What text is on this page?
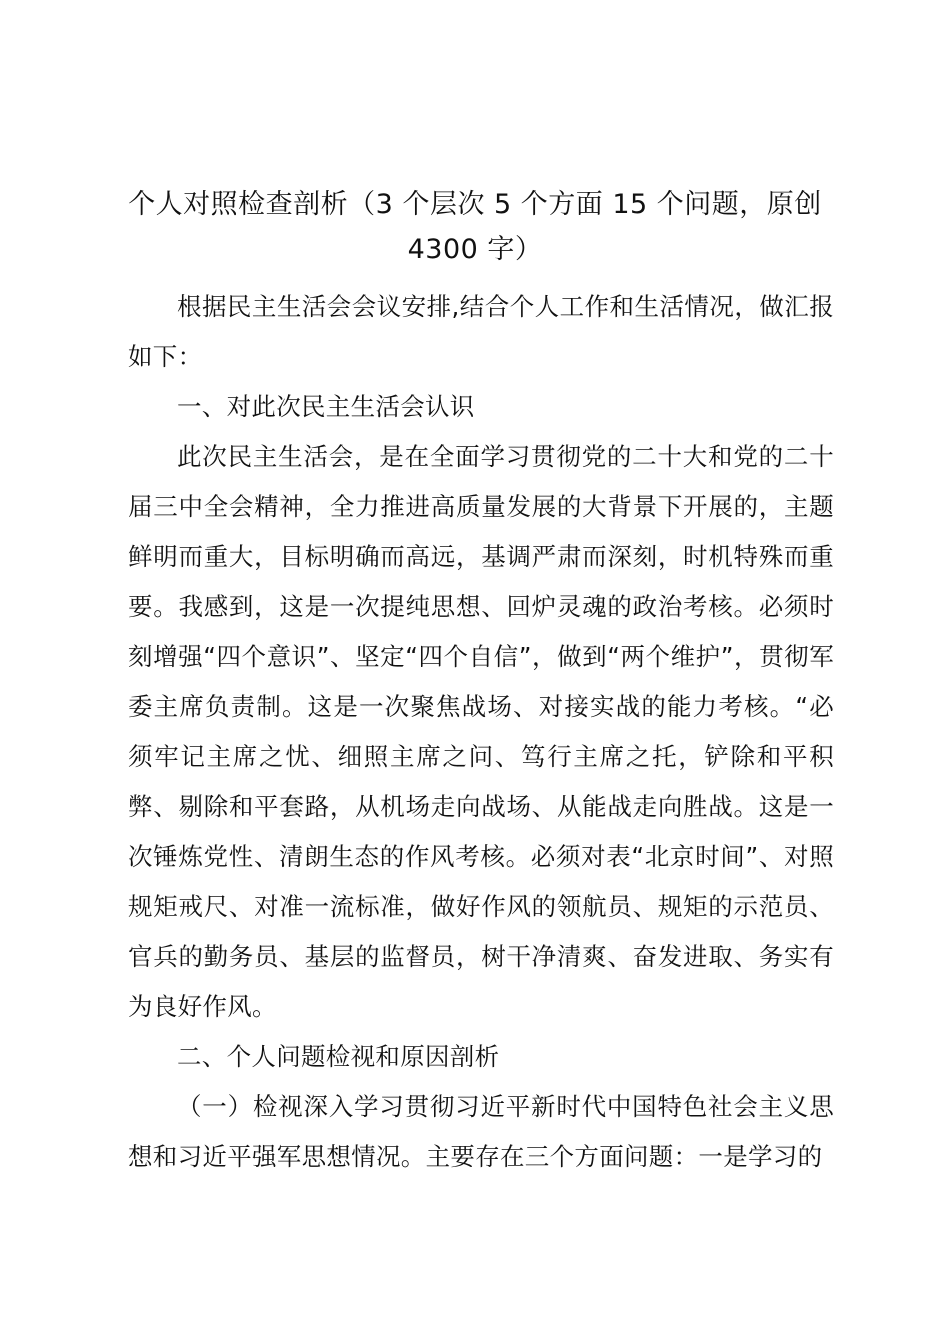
个人对照检查剖析（3 个层次 5 个方面 15 个问题，原创 4300 字）

根据民主生活会会议安排,结合个人工作和生活情况，做汇报如下：

一、对此次民主生活会认识

此次民主生活会，是在全面学习贯彻党的二十大和党的二十届三中全会精神，全力推进高质量发展的大背景下开展的，主题鲜明而重大，目标明确而高远，基调严肃而深刻，时机特殊而重要。我感到，这是一次提纯思想、回炉灵魂的政治考核。必须时刻增强“四个意识”、坚定“四个自信”，做到“两个维护”，贯彻军委主席负责制。这是一次聚焦战场、对接实战的能力考核。“必须牢记主席之忧、细照主席之问、笃行主席之托，铲除和平积弊、剔除和平套路，从机场走向战场、从能战走向胜战。这是一次锤炼党性、清朗生态的作风考核。必须对表“北京时间”、对照规矩戒尺、对准一流标准，做好作风的领航员、规矩的示范员、官兵的勤务员、基层的监督员，树干净清爽、奋发进取、务实有为良好作风。

二、个人问题检视和原因剖析

（一）检视深入学习贯彻习近平新时代中国特色社会主义思想和习近平强军思想情况。主要存在三个方面问题：一是学习的
